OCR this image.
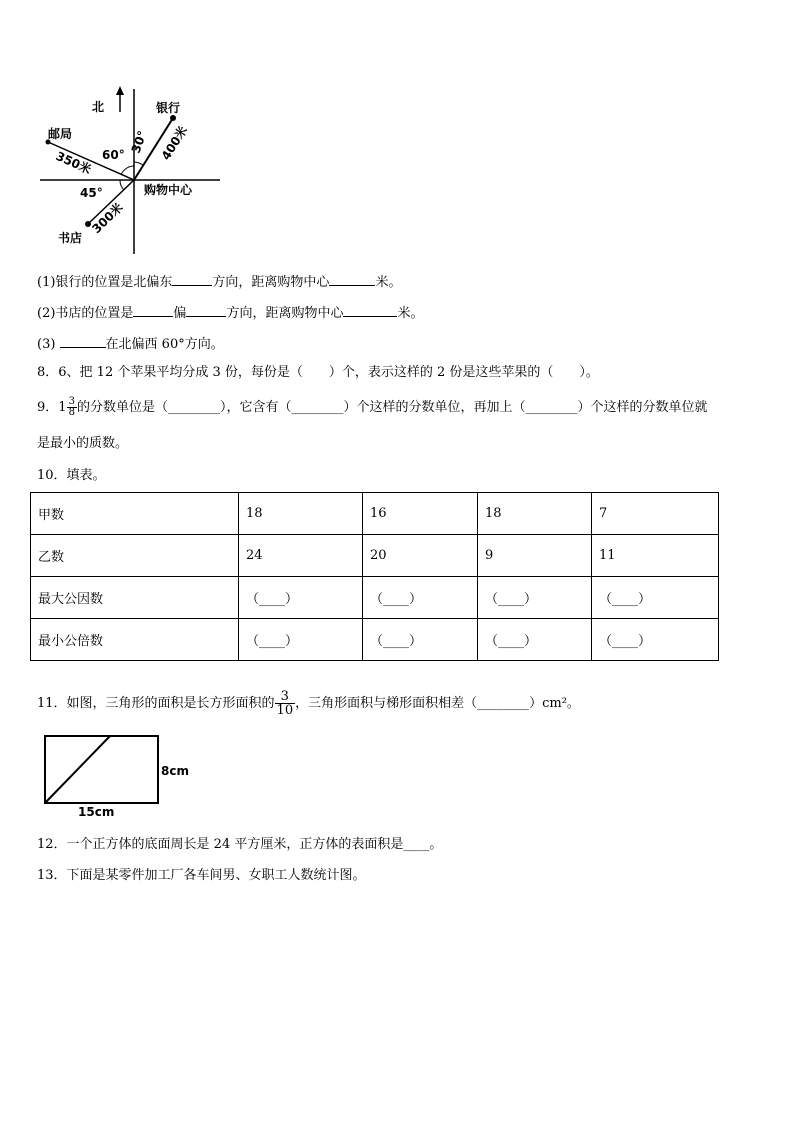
北	银行
邮局
书店
购物中心
30°
60°
45°
400米
350米
300米
(1)银行的位置是北偏东	方向，距离购物中心	米。
(2)书店的位置是	偏	方向，距离购物中心	米。
(3)	在北偏西 60°方向。
8．6、把 12 个苹果平均分成 3 份，每份是（　　）个，表示这样的 2 份是这些苹果的（　　）。
9．$1 \frac{3}{8}$ 的分数单位是（________），它含有（________）个这样的分数单位，再加上（________）个这样的分数单位就
是最小的质数。
10．填表。
甲数	18	16	18	7
乙数	24	20	9	11
最大公因数	（____）	（____）	（____）	（____）
最小公倍数	（____）	（____）	（____）	（____）
11．如图，三角形的面积是长方形面积的 $\frac{3}{10}$ ，三角形面积与梯形面积相差（________）cm²。
8cm
15cm
12．一个正方体的底面周长是 24 平方厘米，正方体的表面积是____。
13．下面是某零件加工厂各车间男、女职工人数统计图。
